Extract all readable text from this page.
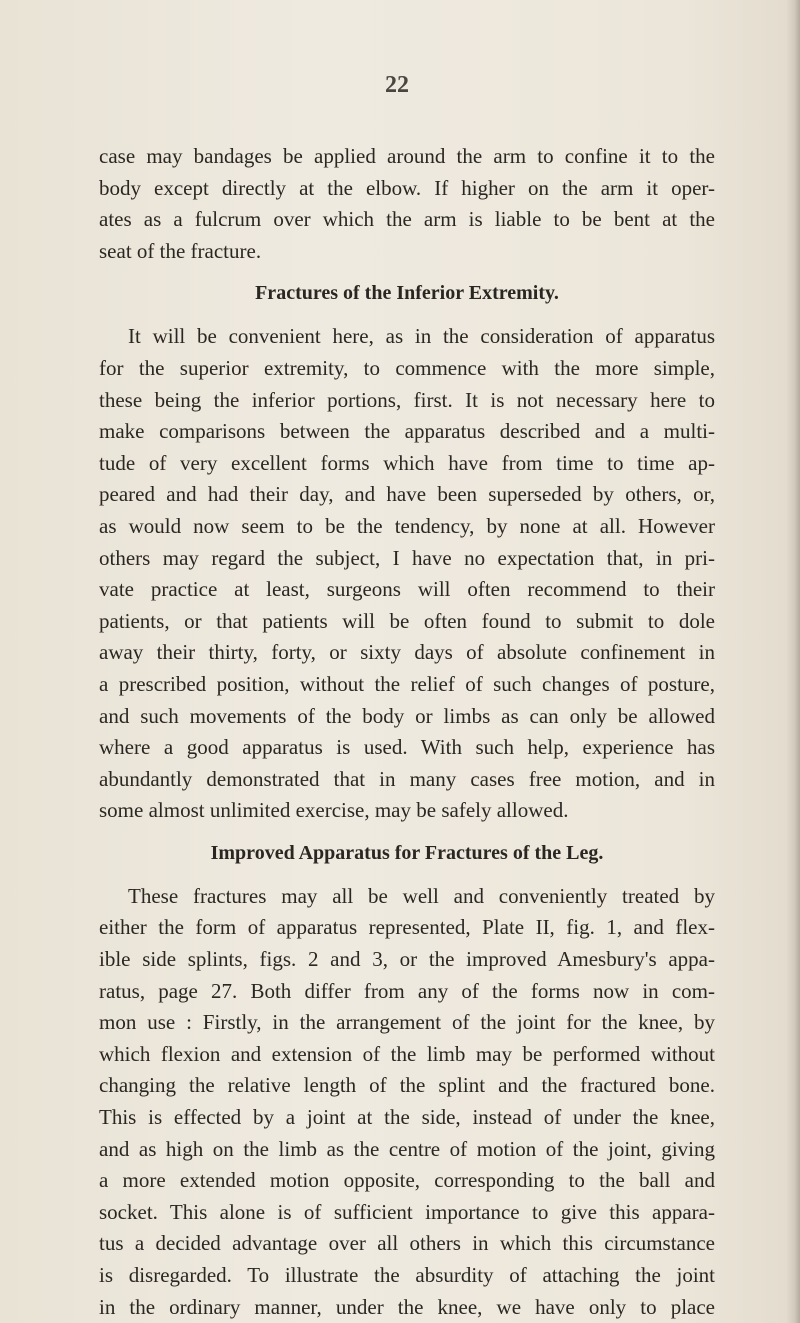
22
case may bandages be applied around the arm to confine it to the
body except directly at the elbow. If higher on the arm it oper-
ates as a fulcrum over which the arm is liable to be bent at the
seat of the fracture.
Fractures of the Inferior Extremity.
It will be convenient here, as in the consideration of apparatus
for the superior extremity, to commence with the more simple,
these being the inferior portions, first. It is not necessary here to
make comparisons between the apparatus described and a multi-
tude of very excellent forms which have from time to time ap-
peared and had their day, and have been superseded by others, or,
as would now seem to be the tendency, by none at all. However
others may regard the subject, I have no expectation that, in pri-
vate practice at least, surgeons will often recommend to their
patients, or that patients will be often found to submit to dole
away their thirty, forty, or sixty days of absolute confinement in
a prescribed position, without the relief of such changes of posture,
and such movements of the body or limbs as can only be allowed
where a good apparatus is used. With such help, experience has
abundantly demonstrated that in many cases free motion, and in
some almost unlimited exercise, may be safely allowed.
Improved Apparatus for Fractures of the Leg.
These fractures may all be well and conveniently treated by
either the form of apparatus represented, Plate II, fig. 1, and flex-
ible side splints, figs. 2 and 3, or the improved Amesbury's appa-
ratus, page 27. Both differ from any of the forms now in com-
mon use : Firstly, in the arrangement of the joint for the knee, by
which flexion and extension of the limb may be performed without
changing the relative length of the splint and the fractured bone.
This is effected by a joint at the side, instead of under the knee,
and as high on the limb as the centre of motion of the joint, giving
a more extended motion opposite, corresponding to the ball and
socket. This alone is of sufficient importance to give this appara-
tus a decided advantage over all others in which this circumstance
is disregarded. To illustrate the absurdity of attaching the joint
in the ordinary manner, under the knee, we have only to place
